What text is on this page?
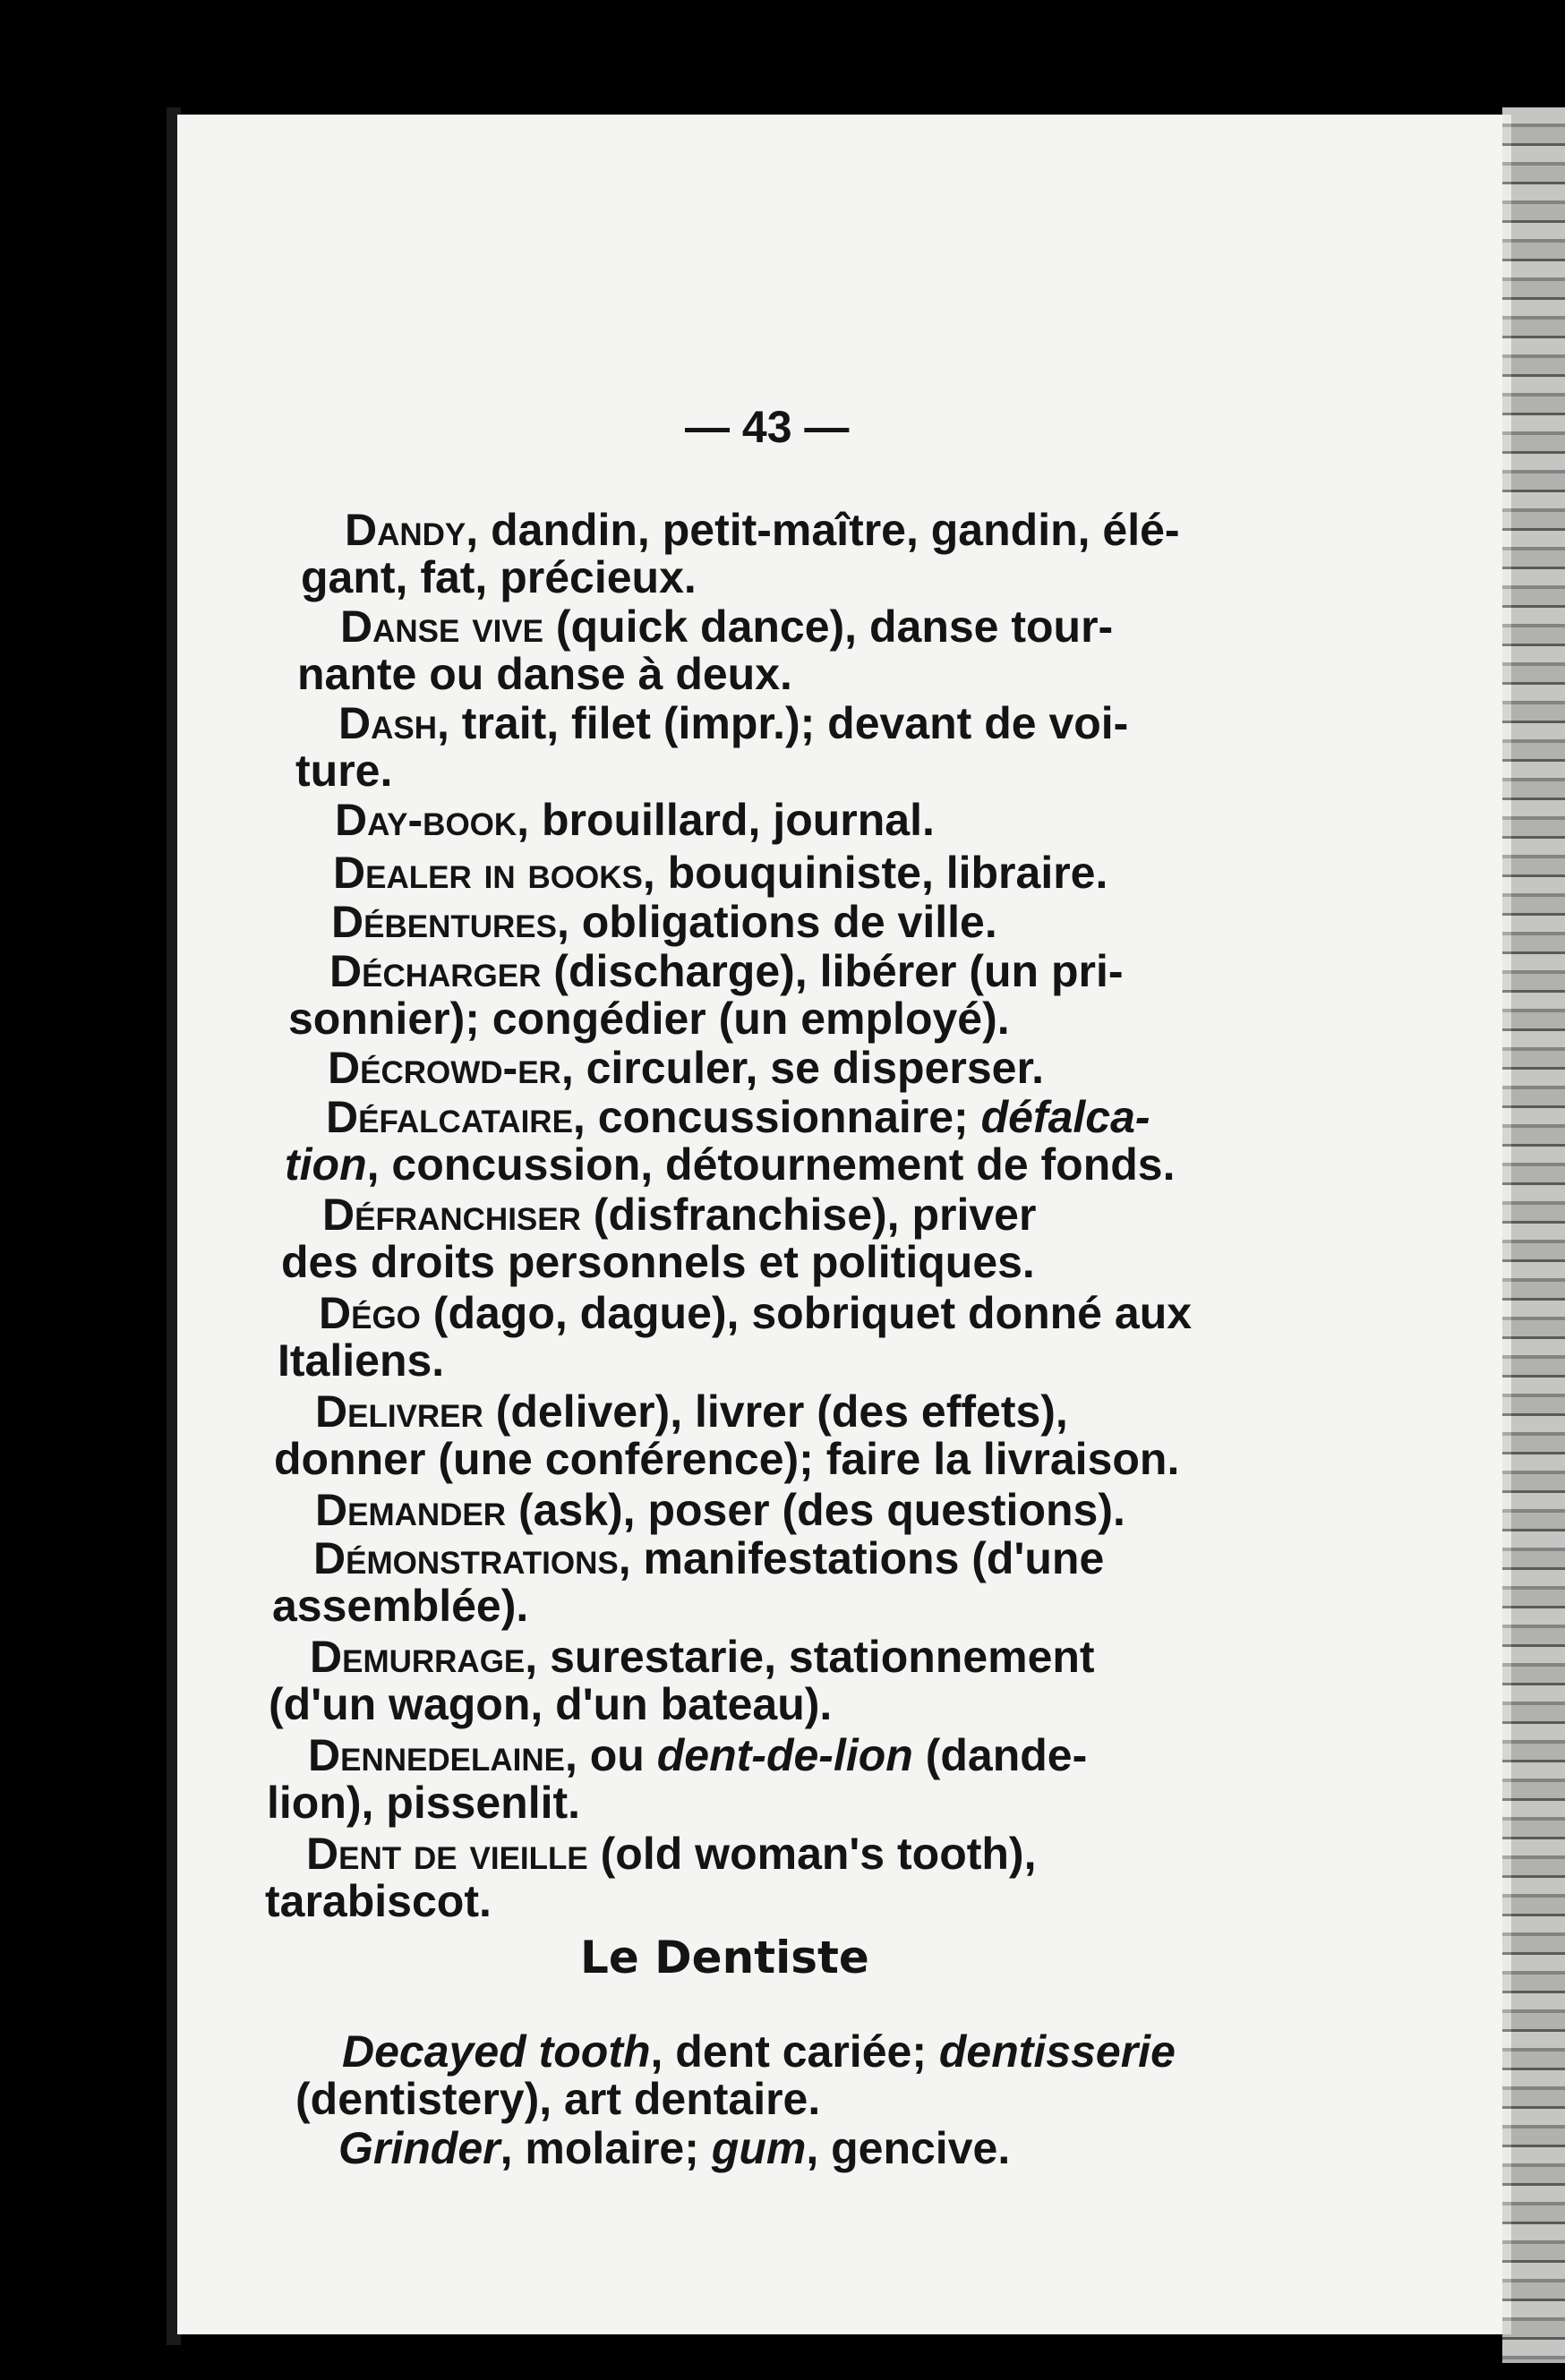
— 43 —
Dandy, dandin, petit-maître, gandin, élé-
gant, fat, précieux.
Danse vive (quick dance), danse tour-
nante ou danse à deux.
Dash, trait, filet (impr.); devant de voi-
ture.
Day-book, brouillard, journal.
Dealer in books, bouquiniste, libraire.
Débentures, obligations de ville.
Décharger (discharge), libérer (un pri-
sonnier); congédier (un employé).
Décrowd-er, circuler, se disperser.
Défalcataire, concussionnaire; défalca-
tion, concussion, détournement de fonds.
Défranchiser (disfranchise), priver
des droits personnels et politiques.
Dégo (dago, dague), sobriquet donné aux
Italiens.
Delivrer (deliver), livrer (des effets),
donner (une conférence); faire la livraison.
Demander (ask), poser (des questions).
Démonstrations, manifestations (d'une
assemblée).
Demurrage, surestarie, stationnement
(d'un wagon, d'un bateau).
Dennedelaine, ou dent-de-lion (dande-
lion), pissenlit.
Dent de vieille (old woman's tooth),
tarabiscot.
Le Dentiste
Decayed tooth, dent cariée; dentisserie
(dentistery), art dentaire.
Grinder, molaire; gum, gencive.
